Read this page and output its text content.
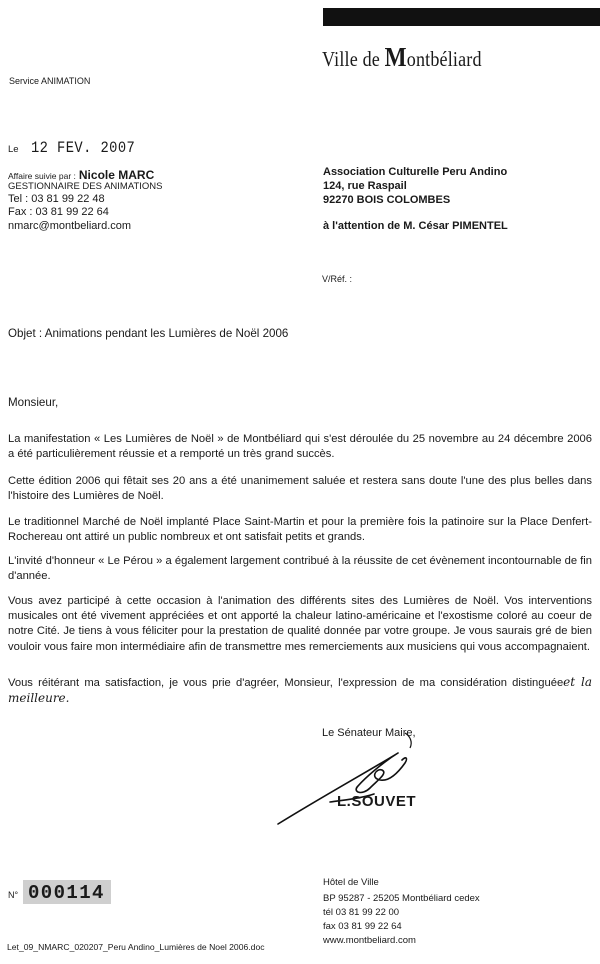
Ville de Montbéliard
Service ANIMATION
Le 12 FEV. 2007
Affaire suivie par : Nicole MARC
GESTIONNAIRE DES ANIMATIONS
Tel : 03 81 99 22 48
Fax : 03 81 99 22 64
nmarc@montbeliard.com
Association Culturelle Peru Andino
124, rue Raspail
92270 BOIS COLOMBES
à l'attention de M. César PIMENTEL
V/Réf. :
Objet : Animations pendant les Lumières de Noël 2006
Monsieur,

La manifestation « Les Lumières de Noël » de Montbéliard qui s'est déroulée du 25 novembre au 24 décembre 2006 a été particulièrement réussie et a remporté un très grand succès.

Cette édition 2006 qui fêtait ses 20 ans a été unanimement saluée et restera sans doute l'une des plus belles dans l'histoire des Lumières de Noël.

Le traditionnel Marché de Noël implanté Place Saint-Martin et pour la première fois la patinoire sur la Place Denfert-Rochereau ont attiré un public nombreux et ont satisfait petits et grands.

L'invité d'honneur « Le Pérou » a également largement contribué à la réussite de cet évènement incontournable de fin d'année.

Vous avez participé à cette occasion à l'animation des différents sites des Lumières de Noël. Vos interventions musicales ont été vivement appréciées et ont apporté la chaleur latino-américaine et l'exostisme coloré au coeur de notre Cité. Je tiens à vous féliciter pour la prestation de qualité donnée par votre groupe. Je vous saurais gré de bien vouloir vous faire mon intermédiaire afin de transmettre mes remerciements aux musiciens qui vous accompagnaient.

Vous réitérant ma satisfaction, je vous prie d'agréer, Monsieur, l'expression de ma considération distinguéeet la meilleure.

Le Sénateur Maire,
L.SOUVET
N° 000114	Hôtel de Ville
BP 95287 - 25205 Montbéliard cedex
tél 03 81 99 22 00
fax 03 81 99 22 64
www.montbeliard.com
Let_09_NMARC_020207_Peru Andino_Lumières de Noel 2006.doc
